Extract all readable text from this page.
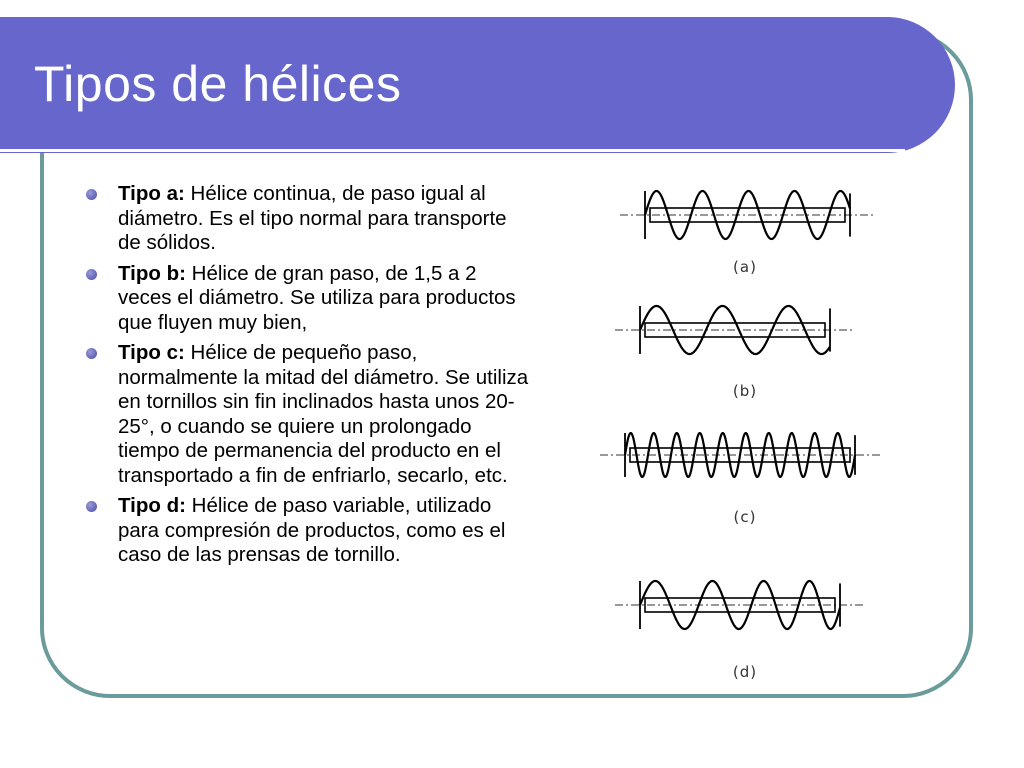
Tipos de hélices
Tipo a: Hélice continua, de paso igual al diámetro. Es el tipo normal para transporte de sólidos.
Tipo b: Hélice de gran paso, de 1,5 a 2 veces el diámetro. Se utiliza para productos que fluyen muy bien,
Tipo c: Hélice de pequeño paso, normalmente la mitad del diámetro. Se utiliza en tornillos sin fin inclinados hasta unos 20-25°, o cuando se quiere un prolongado tiempo de permanencia del producto en el transportado a fin de enfriarlo, secarlo, etc.
Tipo d: Hélice de paso variable, utilizado para compresión de productos, como es el caso de las prensas de tornillo.
(a)
(b)
(c)
(d)
